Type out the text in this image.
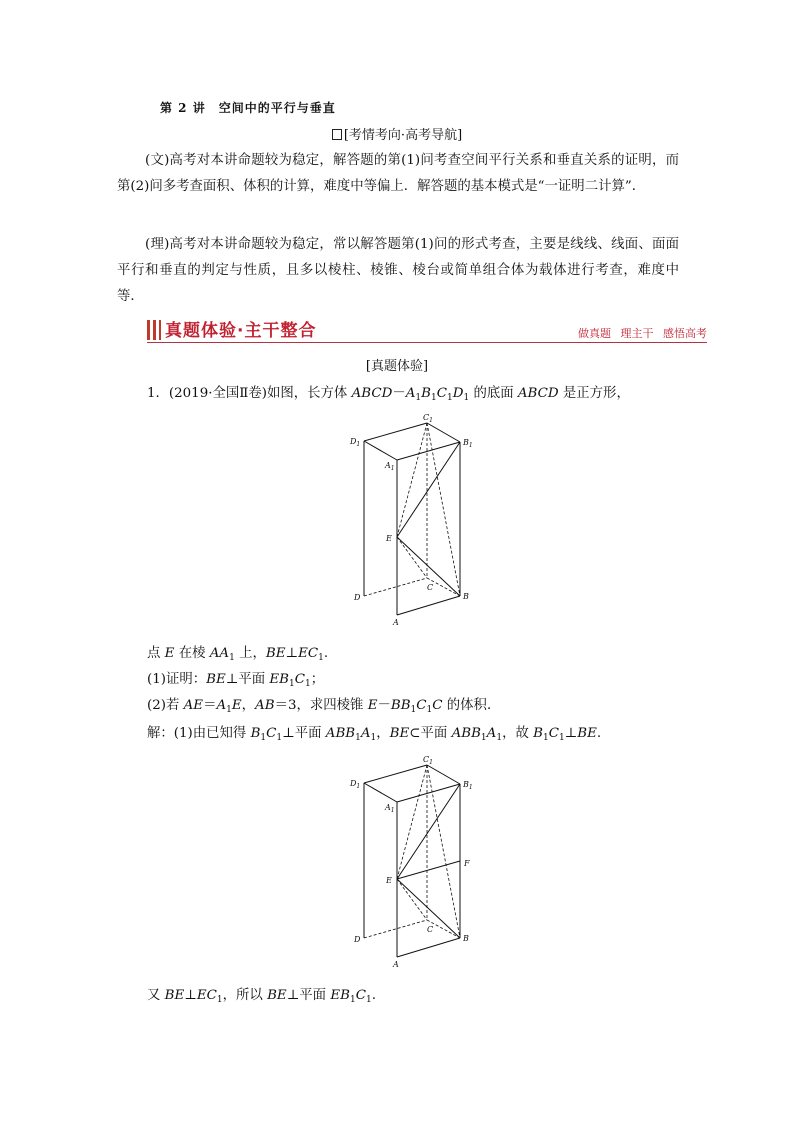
第 2 讲　空间中的平行与垂直
[考情考向·高考导航]
(文)高考对本讲命题较为稳定，解答题的第(1)问考查空间平行关系和垂直关系的证明，而第(2)问多考查面积、体积的计算，难度中等偏上．解答题的基本模式是“一证明二计算”．
(理)高考对本讲命题较为稳定，常以解答题第(1)问的形式考查，主要是线线、线面、面面平行和垂直的判定与性质，且多以棱柱、棱锥、棱台或简单组合体为载体进行考查，难度中等．
真题体验·主干整合	做真题 理主干 感悟高考
[真题体验]
1．(2019·全国Ⅱ卷)如图，长方体 $ABCD-A_1B_1C_1D_1$ 的底面 ABCD 是正方形，
$D_1$
$C_1$
$B_1$
$A_1$
E
D
C
B
A
点 E 在棱 $AA_1$ 上，$BE\perp EC_1$.
(1)证明：BE⊥平面 $EB_1C_1$；
(2)若 $AE=A_1E$，AB＝3，求四棱锥 $E-BB_1C_1C$ 的体积．
解：(1)由已知得 $B_1C_1\perp$平面 $ABB_1A_1$，BE⊂平面 $ABB_1A_1$，故 $B_1C_1\perp BE$.
$D_1$
$C_1$
$B_1$
$A_1$
F
E
D
C
B
A
又 $BE\perp EC_1$，所以 BE⊥平面 $EB_1C_1$.
